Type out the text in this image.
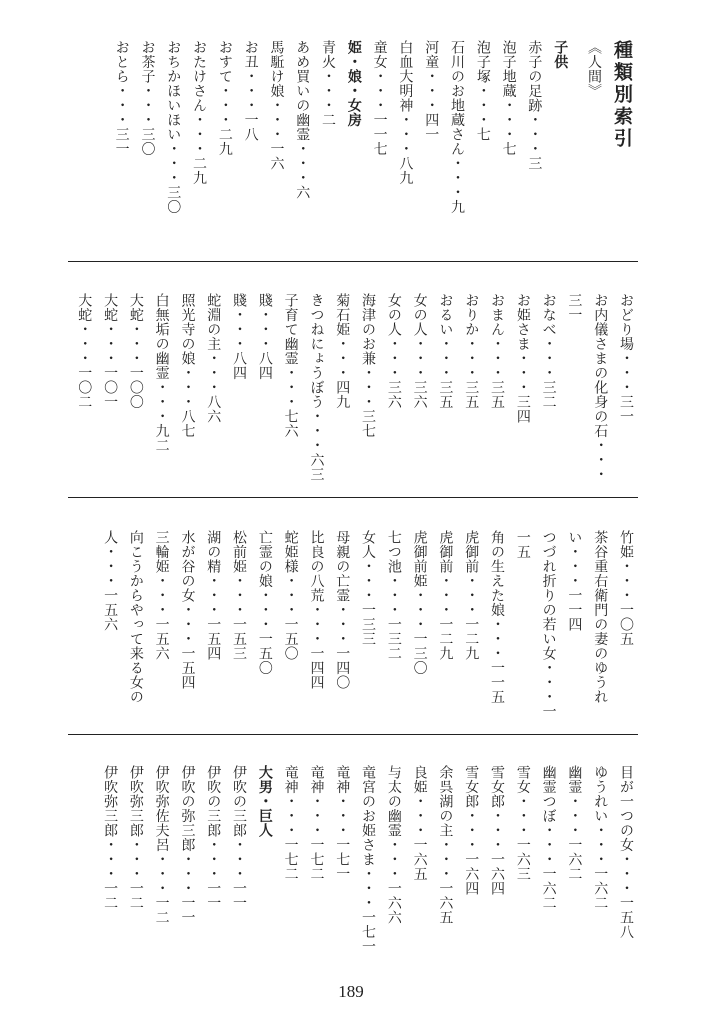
種類別索引
《人間》
子供
赤子の足跡・・・三
泡子地蔵・・・七
泡子塚・・・七
石川のお地蔵さん・・・九
河童・・・四一
白血大明神・・・八九
童女・・・一一七
姫・娘・女房
青火・・・二
あめ買いの幽霊・・・六
馬駈け娘・・・一六
お丑・・・一八
おすて・・・二九
おたけさん・・・二九
おちかほいほい・・・三〇
お茶子・・・三〇
おとら・・・三一
おどり場・・・三一
お内儀さまの化身の石・・・
三一
おなべ・・・三二
お姫さま・・・三四
おまん・・・三五
おりか・・・三五
おるい・・・三五
女の人・・・三六
女の人・・・三六
海津のお兼・・・三七
菊石姫・・・四九
きつねにょうぼう・・・六三
子育て幽霊・・・七六
賤・・・八四
賤・・・八四
蛇淵の主・・・八六
照光寺の娘・・・八七
白無垢の幽霊・・・九二
大蛇・・・一〇〇
大蛇・・・一〇一
大蛇・・・一〇二
竹姫・・・一〇五
茶谷重右衛門の妻のゆうれ
い・・・一一四
つづれ折りの若い女・・・一
一五
角の生えた娘・・・一一五
虎御前・・・一二九
虎御前・・・一二九
虎御前姫・・・一三〇
七つ池・・・一三二
女人・・・一三三
母親の亡霊・・・一四〇
比良の八荒・・・一四四
蛇姫様・・・一五〇
亡霊の娘・・・一五〇
松前姫・・・一五三
湖の精・・・一五四
水が谷の女・・・一五四
三輪姫・・・一五六
向こうからやって来る女の
人・・・一五六
目が一つの女・・・一五八
ゆうれい・・・一六二
幽霊・・・一六二
幽霊つぼ・・・一六二
雪女・・・一六三
雪女郎・・・一六四
雪女郎・・・一六四
余呉湖の主・・・一六五
良姫・・・一六五
与太の幽霊・・・一六六
竜宮のお姫さま・・・一七一
竜神・・・一七一
竜神・・・一七二
竜神・・・一七二
大男・巨人
伊吹の三郎・・・一一
伊吹の三郎・・・一一
伊吹の弥三郎・・・一一
伊吹弥佐夫呂・・・一二
伊吹弥三郎・・・一二
伊吹弥三郎・・・一二
189
